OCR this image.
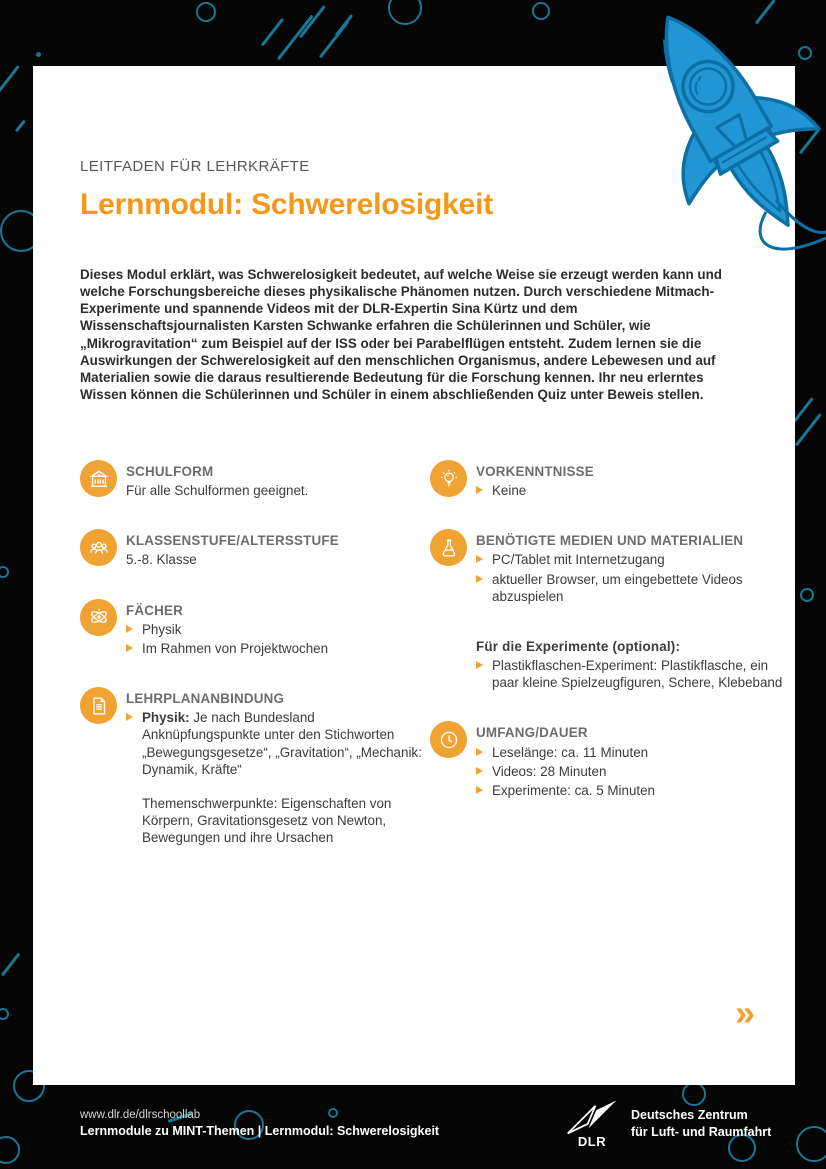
LEITFADEN FÜR LEHRKRÄFTE

Lernmodul: Schwerelosigkeit

Dieses Modul erklärt, was Schwerelosigkeit bedeutet, auf welche Weise sie erzeugt werden kann und welche Forschungsbereiche dieses physikalische Phänomen nutzen. Durch verschiedene Mitmach-Experimente und spannende Videos mit der DLR-Expertin Sina Kürtz und dem Wissenschaftsjournalisten Karsten Schwanke erfahren die Schülerinnen und Schüler, wie „Mikrogravitation“ zum Beispiel auf der ISS oder bei Parabelflügen entsteht. Zudem lernen sie die Auswirkungen der Schwerelosigkeit auf den menschlichen Organismus, andere Lebewesen und auf Materialien sowie die daraus resultierende Bedeutung für die Forschung kennen. Ihr neu erlerntes Wissen können die Schülerinnen und Schüler in einem abschließenden Quiz unter Beweis stellen.

SCHULFORM

Für alle Schulformen geeignet.

KLASSENSTUFE/ALTERSSTUFE

5.-8. Klasse

FÄCHER

Physik

Im Rahmen von Projektwochen

LEHRPLANANBINDUNG

Physik: Je nach Bundesland Anknüpfungspunkte unter den Stichworten „Bewegungsgesetze“, „Gravitation“, „Mechanik: Dynamik, Kräfte“

Themenschwerpunkte: Eigenschaften von Körpern, Gravitationsgesetz von Newton, Bewegungen und ihre Ursachen

VORKENNTNISSE

Keine

BENÖTIGTE MEDIEN UND MATERIALIEN

PC/Tablet mit Internetzugang

aktueller Browser, um eingebettete Videos abzuspielen

Für die Experimente (optional):

Plastikflaschen-Experiment: Plastikflasche, ein paar kleine Spielzeugfiguren, Schere, Klebeband

UMFANG/DAUER

Leselänge: ca. 11 Minuten

Videos: 28 Minuten

Experimente: ca. 5 Minuten

»

www.dlr.de/dlrschoollab

Lernmodule zu MINT-Themen | Lernmodul: Schwerelosigkeit

DLR
Deutsches Zentrum
für Luft- und Raumfahrt
